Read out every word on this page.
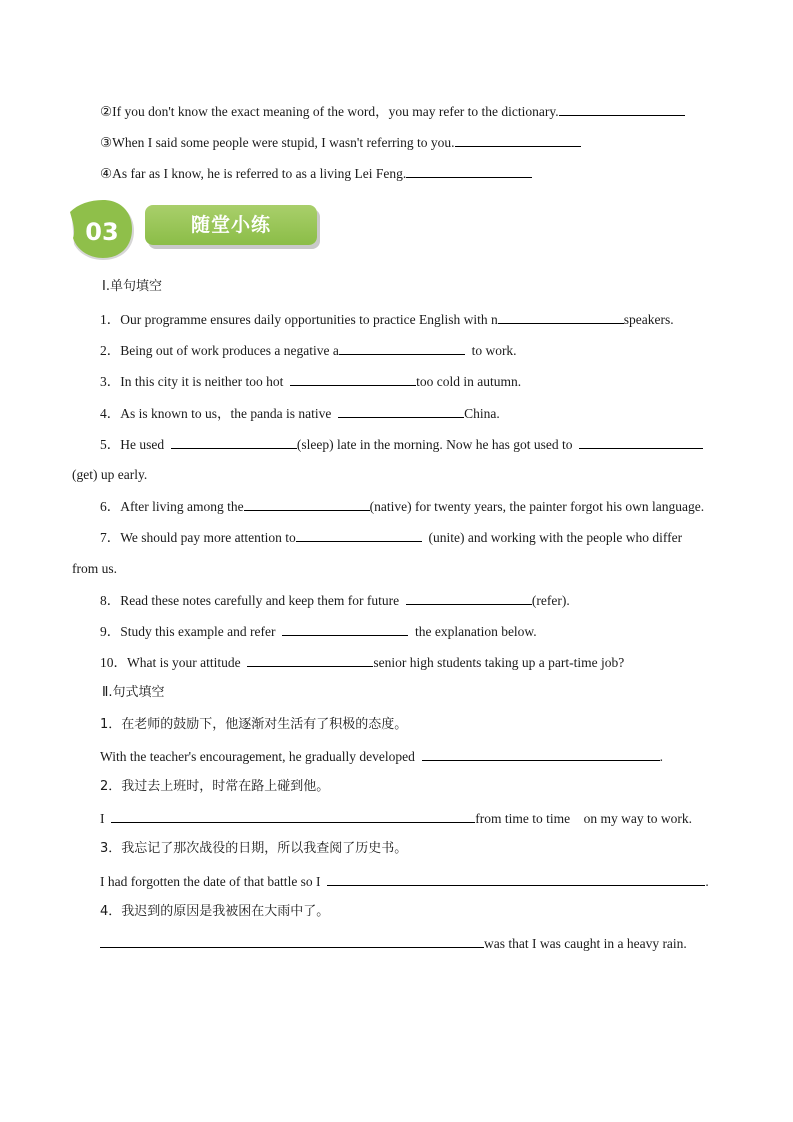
②If you don't know the exact meaning of the word，you may refer to the dictionary.
③When I said some people were stupid, I wasn't referring to you.
④As far as I know, he is referred to as a living Lei Feng.
03	随堂小练
Ⅰ.单句填空
1．Our programme ensures daily opportunities to practice English with n	speakers.
2．Being out of work produces a negative a	to work.
3．In this city it is neither too hot	too cold in autumn.
4．As is known to us，the panda is native	China.
5．He used	(sleep) late in the morning. Now he has got used to
(get) up early.
6．After living among the	(native) for twenty years, the painter forgot his own language.
7．We should pay more attention to	(unite) and working with the people who differ
from us.
8．Read these notes carefully and keep them for future	(refer).
9．Study this example and refer	the explanation below.
10．What is your attitude	senior high students taking up a part-time job?
Ⅱ.句式填空
1．在老师的鼓励下，他逐渐对生活有了积极的态度。
With the teacher's encouragement, he gradually developed	.
2．我过去上班时，时常在路上碰到他。
I	from time to time　on my way to work.
3．我忘记了那次战役的日期，所以我查阅了历史书。
I had forgotten the date of that battle so I	.
4．我迟到的原因是我被困在大雨中了。
was that I was caught in a heavy rain.
